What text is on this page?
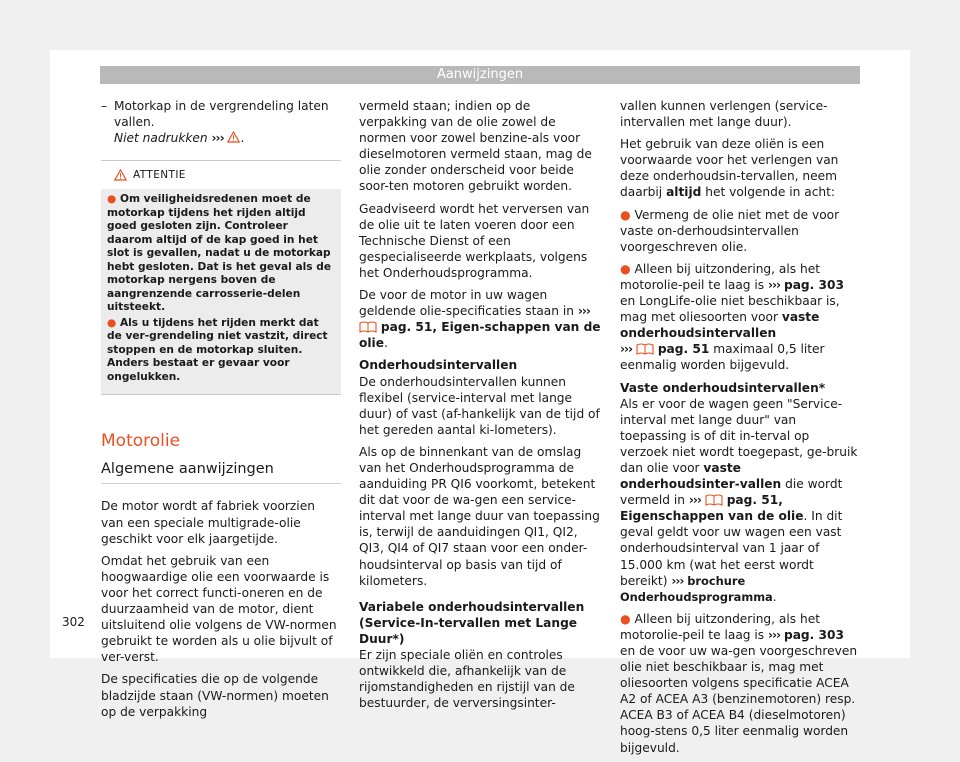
Aanwijzingen
– Motorkap in de vergrendeling laten vallen.
Niet nadrukken ››› .
ATTENTIE

● Om veiligheidsredenen moet de motorkap tijdens het rijden altijd goed gesloten zijn. Controleer daarom altijd of de kap goed in het slot is gevallen, nadat u de motorkap hebt gesloten. Dat is het geval als de motorkap nergens boven de aangrenzende carrosserie-delen uitsteekt.

● Als u tijdens het rijden merkt dat de ver-grendeling niet vastzit, direct stoppen en de motorkap sluiten. Anders bestaat er gevaar voor ongelukken.

Motorolie
Algemene aanwijzingen

De motor wordt af fabriek voorzien van een speciale multigrade-olie geschikt voor elk jaargetijde.

Omdat het gebruik van een hoogwaardige olie een voorwaarde is voor het correct functi-oneren en de duurzaamheid van de motor, dient uitsluitend olie volgens de VW-normen gebruikt te worden als u olie bijvult of ver-verst.

De specificaties die op de volgende bladzijde staan (VW-normen) moeten op de verpakking

vermeld staan; indien op de verpakking van de olie zowel de normen voor zowel benzine-als voor dieselmotoren vermeld staan, mag de olie zonder onderscheid voor beide soor-ten motoren gebruikt worden.

Geadviseerd wordt het verversen van de olie uit te laten voeren door een Technische Dienst of een gespecialiseerde werkplaats, volgens het Onderhoudsprogramma.

De voor de motor in uw wagen geldende olie-specificaties staan in ›››  pag. 51, Eigen-schappen van de olie.

Onderhoudsintervallen

De onderhoudsintervallen kunnen flexibel (service-interval met lange duur) of vast (af-hankelijk van de tijd of het gereden aantal ki-lometers).

Als op de binnenkant van de omslag van het Onderhoudsprogramma de aanduiding PR QI6 voorkomt, betekent dit dat voor de wa-gen een service-interval met lange duur van toepassing is, terwijl de aanduidingen QI1, QI2, QI3, QI4 of QI7 staan voor een onder-houdsinterval op basis van tijd of kilometers.

Variabele onderhoudsintervallen (Service-In-tervallen met Lange Duur*)

Er zijn speciale oliën en controles ontwikkeld die, afhankelijk van de rijomstandigheden en rijstijl van de bestuurder, de verversingsinter-

vallen kunnen verlengen (service-intervallen met lange duur).

Het gebruik van deze oliën is een voorwaarde voor het verlengen van deze onderhoudsin-tervallen, neem daarbij altijd het volgende in acht:

● Vermeng de olie niet met de voor vaste on-derhoudsintervallen voorgeschreven olie.

● Alleen bij uitzondering, als het motorolie-peil te laag is ››› pag. 303 en LongLife-olie niet beschikbaar is, mag met oliesoorten voor vaste onderhoudsintervallen
››› pag. 51 maximaal 0,5 liter eenmalig worden bijgevuld.

Vaste onderhoudsintervallen*

Als er voor de wagen geen "Service-interval met lange duur" van toepassing is of dit in-terval op verzoek niet wordt toegepast, ge-bruik dan olie voor vaste onderhoudsinter-vallen die wordt vermeld in ››› pag. 51, Eigenschappen van de olie. In dit geval geldt voor uw wagen een vast onderhoudsinterval van 1 jaar of 15.000 km (wat het eerst wordt bereikt) ››› brochure Onderhoudsprogramma.

● Alleen bij uitzondering, als het motorolie-peil te laag is ››› pag. 303 en de voor uw wa-gen voorgeschreven olie niet beschikbaar is, mag met oliesoorten volgens specificatie ACEA A2 of ACEA A3 (benzinemotoren) resp. ACEA B3 of ACEA B4 (dieselmotoren) hoog-stens 0,5 liter eenmalig worden bijgevuld.

302
